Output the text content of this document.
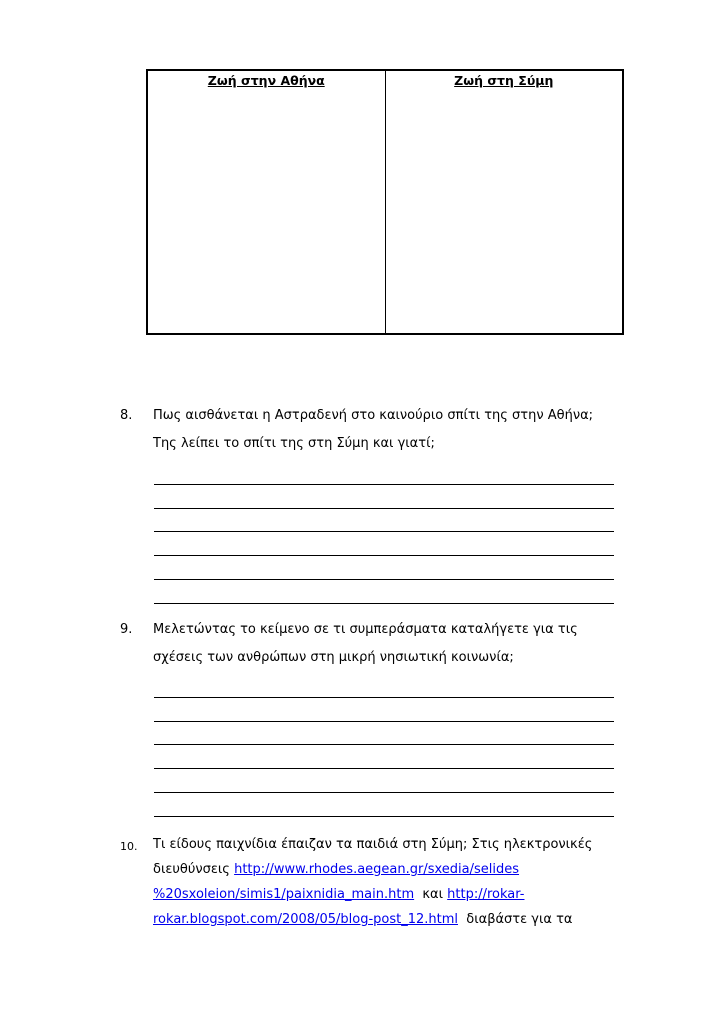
Ζωή στην Αθήνα	Ζωή στη Σύμη
8. Πως αισθάνεται η Αστραδενή στο καινούριο σπίτι της στην Αθήνα;
Της λείπει το σπίτι της στη Σύμη και γιατί;
9. Μελετώντας το κείμενο σε τι συμπεράσματα καταλήγετε για τις
σχέσεις των ανθρώπων στη μικρή νησιωτική κοινωνία;
10. Τι είδους παιχνίδια έπαιζαν τα παιδιά στη Σύμη; Στις ηλεκτρονικές
διευθύνσεις http://www.rhodes.aegean.gr/sxedia/selides
%20sxoleion/simis1/paixnidia_main.htm και http://rokar-
rokar.blogspot.com/2008/05/blog-post_12.html διαβάστε για τα
